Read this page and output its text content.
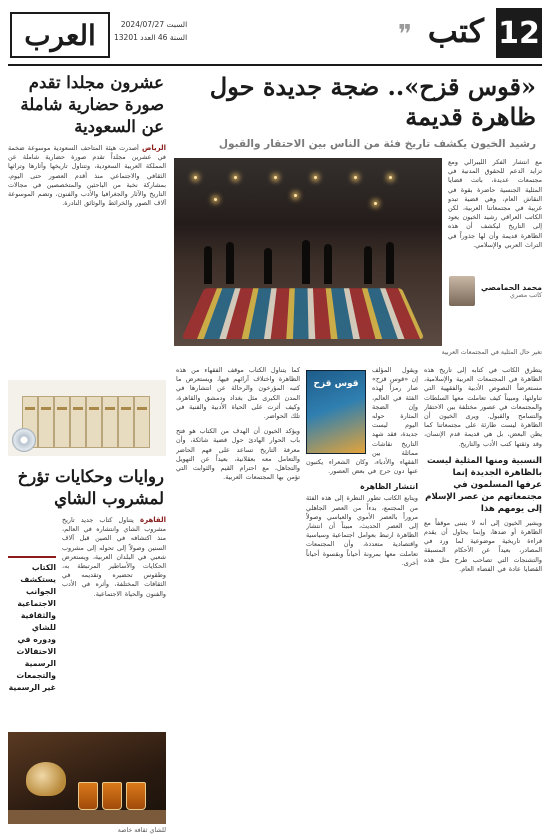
12
كتب
❞
العرب	السبت 2024/07/27
السنة 46 العدد 13201
«قوس قزح».. ضجة جديدة حول ظاهرة قديمة
رشيد الخيون يكشف تاريخ فئة من الناس بين الاحتقار والقبول
مع انتشار الفكر الليبرالي ومع تزايد الدعم للحقوق المدنية في مجتمعات عديدة، باتت قضايا المثلية الجنسية حاضرة بقوة في النقاش العام، وهي قضية تبدو غريبة في مجتمعاتنا العربية، لكن الكاتب العراقي رشيد الخيون يعود إلى التاريخ ليكشف أن هذه الظاهرة قديمة وأن لها جذوراً في التراث العربي والإسلامي.
محمد الحمامصي
كاتب مصري
تغير حال المثلية في المجتمعات العربية
يتطرق الكاتب في كتابه إلى تاريخ هذه الظاهرة في المجتمعات العربية والإسلامية، مستعرضاً النصوص الأدبية والفقهية التي تناولتها، ومبيناً كيف تعاملت معها السلطات والمجتمعات في عصور مختلفة بين الاحتقار والتسامح والقبول. ويرى الخيون أن الظاهرة ليست طارئة على مجتمعاتنا كما يظن البعض، بل هي قديمة قدم الإنسان، وقد وثقتها كتب الأدب والتاريخ.
النسبية ومنها المثلية ليست بالظاهرة الجديدة إنما عرفها المسلمون في مجتمعاتهم من عصر الإسلام إلى يومهم هذا
ويشير الخيون إلى أنه لا يتبنى موقفاً مع الظاهرة أو ضدها، وإنما يحاول أن يقدم قراءة تاريخية موضوعية لما ورد في المصادر، بعيداً عن الأحكام المسبقة والتشنجات التي تصاحب طرح مثل هذه القضايا عادة في الفضاء العام.
قوس قزح
ويقول المؤلف إن «قوس قزح» صار رمزاً لهذه الفئة في العالم، وإن الضجة المثارة حوله اليوم ليست جديدة، فقد شهد التاريخ نقاشات مماثلة بين الفقهاء والأدباء، وكان الشعراء يكتبون عنها دون حرج في بعض العصور.
انتشار الظاهرة
ويتابع الكاتب تطور النظرة إلى هذه الفئة من المجتمع، بدءاً من العصر الجاهلي مروراً بالعصر الأموي والعباسي وصولاً إلى العصر الحديث، مبيناً أن انتشار الظاهرة ارتبط بعوامل اجتماعية وسياسية واقتصادية متعددة، وأن المجتمعات تعاملت معها بمرونة أحياناً وبقسوة أحياناً أخرى.
كما يتناول الكتاب موقف الفقهاء من هذه الظاهرة واختلاف آرائهم فيها، ويستعرض ما كتبه المؤرخون والرحالة عن انتشارها في المدن الكبرى مثل بغداد ودمشق والقاهرة، وكيف أثرت على الحياة الأدبية والفنية في تلك الحواضر.
ويؤكد الخيون أن الهدف من الكتاب هو فتح باب الحوار الهادئ حول قضية شائكة، وأن معرفة التاريخ تساعد على فهم الحاضر والتعامل معه بعقلانية، بعيداً عن التهويل والتجاهل، مع احترام القيم والثوابت التي تؤمن بها المجتمعات العربية.
عشرون مجلدا تقدم صورة حضارية شاملة عن السعودية
الرياض أصدرت هيئة المتاحف السعودية موسوعة ضخمة في عشرين مجلداً تقدم صورة حضارية شاملة عن المملكة العربية السعودية، وتتناول تاريخها وآثارها وتراثها الثقافي والاجتماعي منذ أقدم العصور حتى اليوم، بمشاركة نخبة من الباحثين والمتخصصين في مجالات التاريخ والآثار والجغرافيا والأدب والفنون، وتضم الموسوعة آلاف الصور والخرائط والوثائق النادرة.
روايات وحكايات تؤرخ لمشروب الشاي
القاهرة يتناول كتاب جديد تاريخ مشروب الشاي وانتشاره في العالم، منذ اكتشافه في الصين قبل آلاف السنين وصولاً إلى تحوله إلى مشروب شعبي في البلدان العربية، ويستعرض الحكايات والأساطير المرتبطة به، وطقوس تحضيره وتقديمه في الثقافات المختلفة، وأثره في الأدب والفنون والحياة الاجتماعية.
الكتاب يستكشف الجوانب الاجتماعية والثقافية للشاي ودوره في الاحتفالات الرسمية والتجمعات غير الرسمية
للشاي ثقافة خاصة
